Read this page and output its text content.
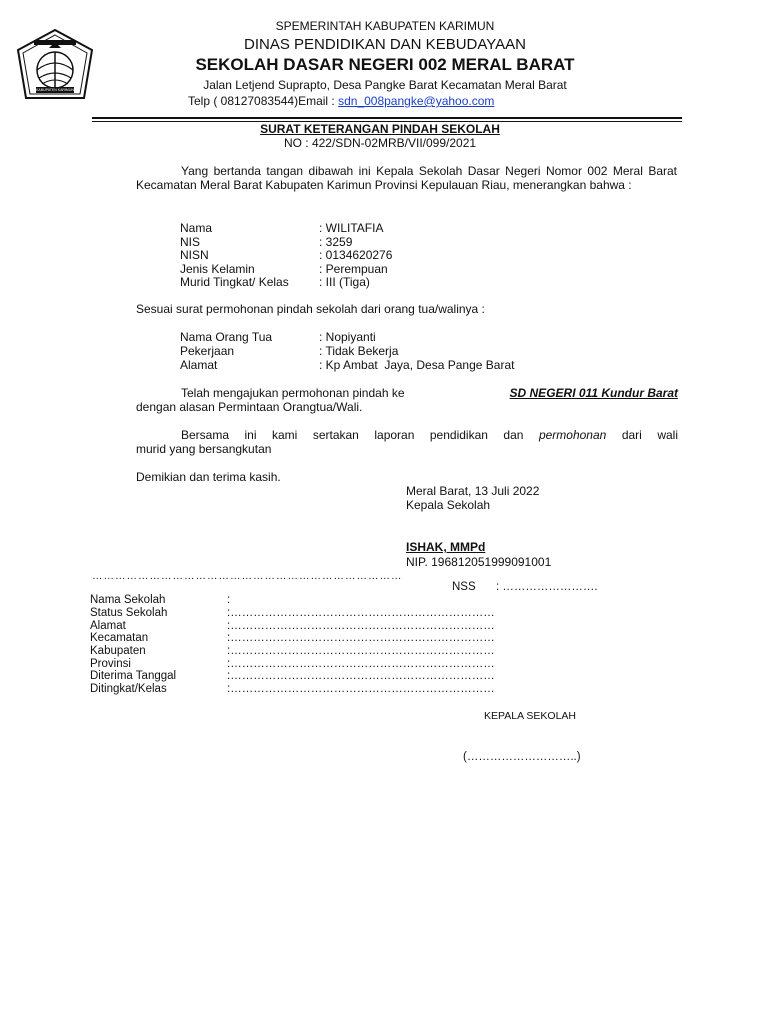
KABUPATEN KARIMUN
SPEMERINTAH KABUPATEN KARIMUN
DINAS PENDIDIKAN DAN KEBUDAYAAN
SEKOLAH DASAR NEGERI 002 MERAL BARAT
Jalan Letjend Suprapto, Desa Pangke Barat Kecamatan Meral Barat
Telp ( 08127083544)Email : sdn_008pangke@yahoo.com
SURAT KETERANGAN PINDAH SEKOLAH
NO : 422/SDN-02MRB/VII/099/2021
Yang bertanda tangan dibawah ini Kepala Sekolah Dasar Negeri Nomor 002 Meral Barat Kecamatan Meral Barat Kabupaten Karimun Provinsi Kepulauan Riau, menerangkan bahwa :
Nama	: WILITAFIA
NIS	: 3259
NISN	: 0134620276
Jenis Kelamin	: Perempuan
Murid Tingkat/ Kelas	: III (Tiga)
Sesuai surat permohonan pindah sekolah dari orang tua/walinya :
Nama Orang Tua	: Nopiyanti
Pekerjaan	: Tidak Bekerja
Alamat	: Kp Ambat  Jaya, Desa Pange Barat
Telah mengajukan permohonan pindah ke	SD NEGERI 011 Kundur Barat
dengan alasan Permintaan Orangtua/Wali.
Bersama ini kami sertakan laporan pendidikan dan permohonan dari wali
murid yang bersangkutan
Demikian dan terima kasih.
Meral Barat, 13 Juli 2022
Kepala Sekolah
ISHAK, MMPd
NIP. 196812051999091001
………………………………………………………………………
NSS : …………………….
Nama Sekolah	:
Status Sekolah	:……………………………………………………………
Alamat	:……………………………………………………………
Kecamatan	:……………………………………………………………
Kabupaten	:……………………………………………………………
Provinsi	:……………………………………………………………
Diterima Tanggal	:……………………………………………………………
Ditingkat/Kelas	:……………………………………………………………
KEPALA SEKOLAH
(………………………..)
